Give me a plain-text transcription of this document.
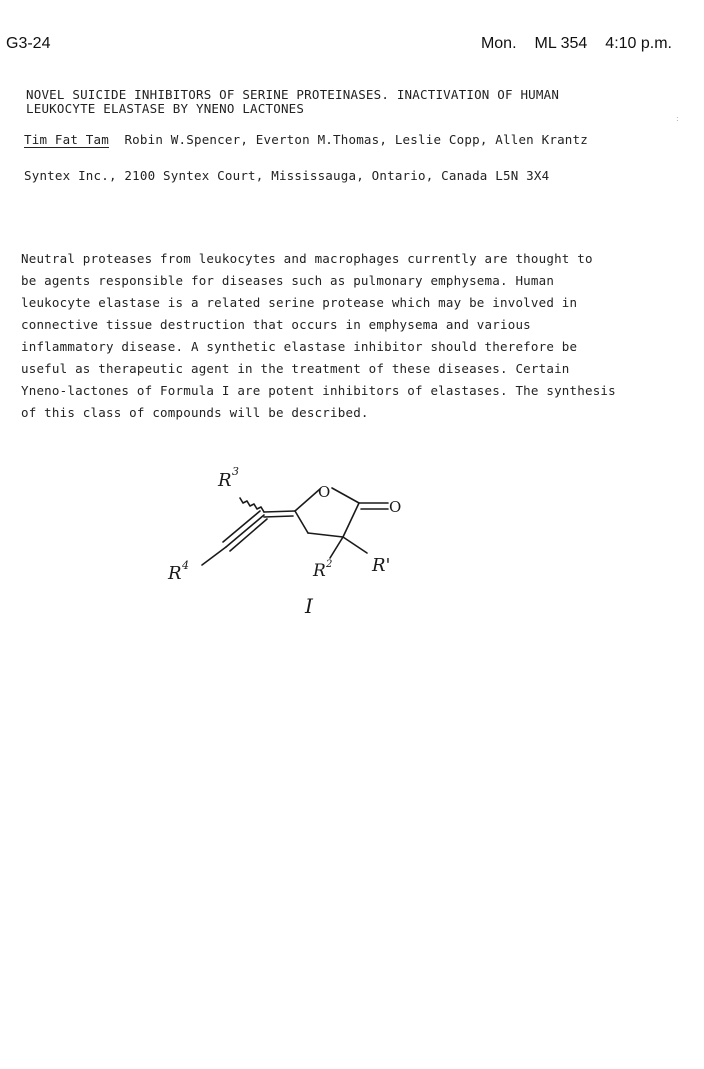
G3-24	Mon. ML 354 4:10 p.m.
:
NOVEL SUICIDE INHIBITORS OF SERINE PROTEINASES. INACTIVATION OF HUMAN
LEUKOCYTE ELASTASE BY YNENO LACTONES
Tim Fat Tam Robin W.Spencer, Everton M.Thomas, Leslie Copp, Allen Krantz
Syntex Inc., 2100 Syntex Court, Mississauga, Ontario, Canada L5N 3X4
Neutral proteases from leukocytes and macrophages currently are thought to
be agents responsible for diseases such as pulmonary emphysema. Human
leukocyte elastase is a related serine protease which may be involved in
connective tissue destruction that occurs in emphysema and various
inflammatory disease. A synthetic elastase inhibitor should therefore be
useful as therapeutic agent in the treatment of these diseases. Certain
Yneno-lactones of Formula I are potent inhibitors of elastases. The synthesis
of this class of compounds will be described.
O
O
R 3
R 4	R 2 R'
I
